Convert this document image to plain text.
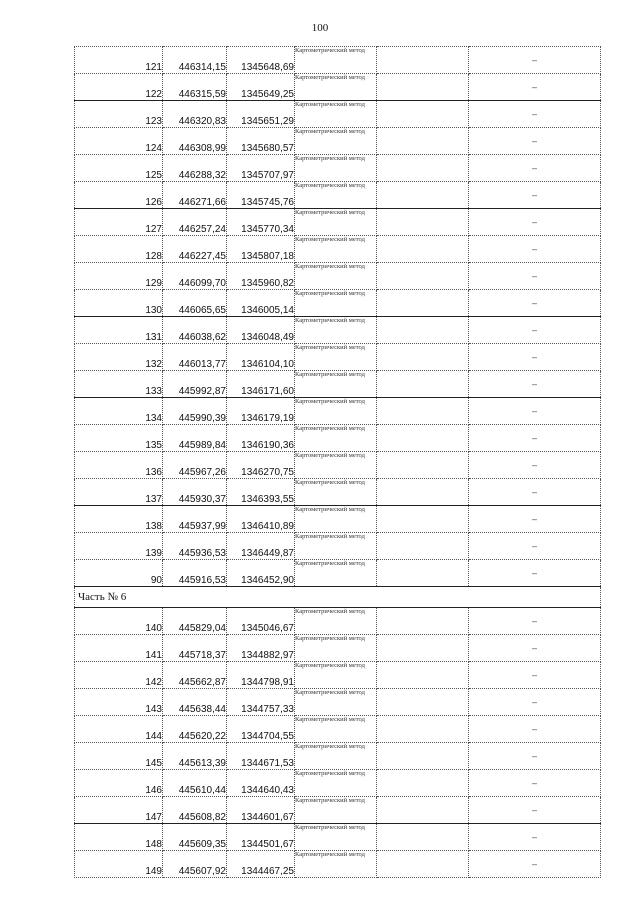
100
121	446314,15	1345648,69	Картометрический метод		–
122	446315,59	1345649,25	Картометрический метод		–
123	446320,83	1345651,29	Картометрический метод		–
124	446308,99	1345680,57	Картометрический метод		–
125	446288,32	1345707,97	Картометрический метод		–
126	446271,66	1345745,76	Картометрический метод		–
127	446257,24	1345770,34	Картометрический метод		–
128	446227,45	1345807,18	Картометрический метод		–
129	446099,70	1345960,82	Картометрический метод		–
130	446065,65	1346005,14	Картометрический метод		–
131	446038,62	1346048,49	Картометрический метод		–
132	446013,77	1346104,10	Картометрический метод		–
133	445992,87	1346171,60	Картометрический метод		–
134	445990,39	1346179,19	Картометрический метод		–
135	445989,84	1346190,36	Картометрический метод		–
136	445967,26	1346270,75	Картометрический метод		–
137	445930,37	1346393,55	Картометрический метод		–
138	445937,99	1346410,89	Картометрический метод		–
139	445936,53	1346449,87	Картометрический метод		–
90	445916,53	1346452,90	Картометрический метод		–
Часть № 6					
140	445829,04	1345046,67	Картометрический метод		–
141	445718,37	1344882,97	Картометрический метод		–
142	445662,87	1344798,91	Картометрический метод		–
143	445638,44	1344757,33	Картометрический метод		–
144	445620,22	1344704,55	Картометрический метод		–
145	445613,39	1344671,53	Картометрический метод		–
146	445610,44	1344640,43	Картометрический метод		–
147	445608,82	1344601,67	Картометрический метод		–
148	445609,35	1344501,67	Картометрический метод		–
149	445607,92	1344467,25	Картометрический метод		–
